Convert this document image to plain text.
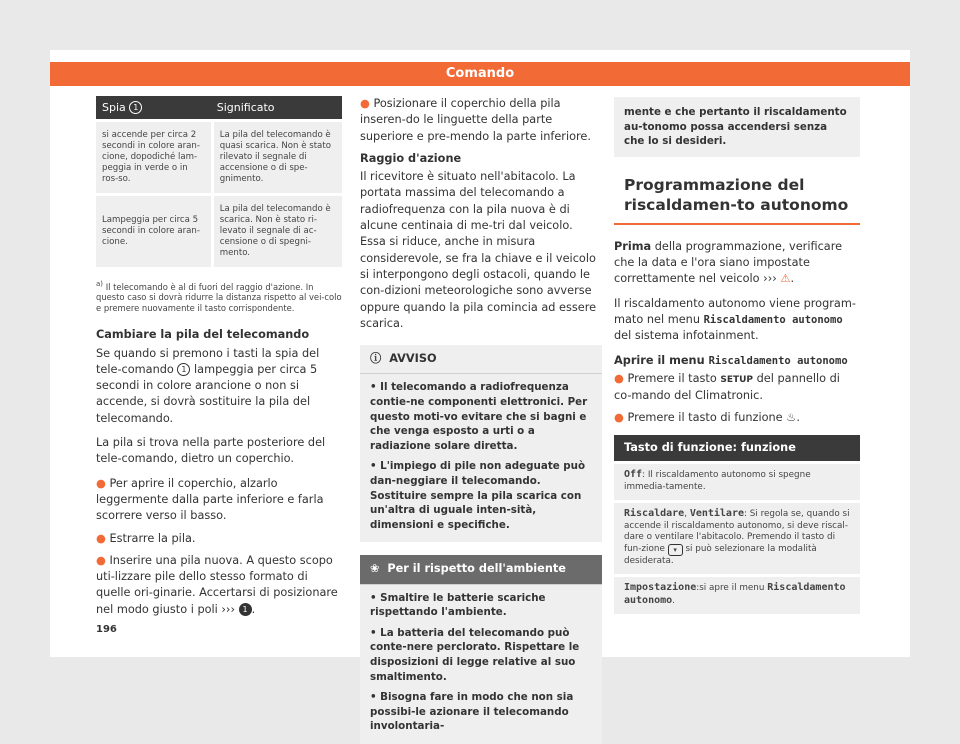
Comando
Spia 1	Significato
si accende per circa 2 secondi in colore aran-cione, dopodiché lam-peggia in verde o in ros-so.	La pila del telecomando è quasi scarica. Non è stato rilevato il segnale di accensione o di spe-gnimento.
Lampeggia per circa 5 secondi in colore aran-cione.	La pila del telecomando è scarica. Non è stato ri-levato il segnale di ac-censione o di spegni-mento.
$^{a)}$ Il telecomando è al di fuori del raggio d'azione. In questo caso si dovrà ridurre la distanza rispetto al vei-colo e premere nuovamente il tasto corrispondente.
Cambiare la pila del telecomando

Se quando si premono i tasti la spia del tele-comando 1 lampeggia per circa 5 secondi in colore arancione o non si accende, si dovrà sostituire la pila del telecomando.

La pila si trova nella parte posteriore del tele-comando, dietro un coperchio.

● Per aprire il coperchio, alzarlo leggermente dalla parte inferiore e farla scorrere verso il basso.
● Estrarre la pila.
● Inserire una pila nuova. A questo scopo uti-lizzare pile dello stesso formato di quelle ori-ginarie. Accertarsi di posizionare nel modo giusto i poli ››› 1 .
● Posizionare il coperchio della pila inseren-do le linguette della parte superiore e pre-mendo la parte inferiore.
Raggio d'azione

Il ricevitore è situato nell'abitacolo. La portata massima del telecomando a radiofrequenza con la pila nuova è di alcune centinaia di me-tri dal veicolo. Essa si riduce, anche in misura considerevole, se fra la chiave e il veicolo si interpongono degli ostacoli, quando le con-dizioni meteorologiche sono avverse oppure quando la pila comincia ad essere scarica.

ⓘ AVVISO
• Il telecomando a radiofrequenza contie-ne componenti elettronici. Per questo moti-vo evitare che si bagni e che venga esposto a urti o a radiazione solare diretta.
• L'impiego di pile non adeguate può dan-neggiare il telecomando. Sostituire sempre la pila scarica con un'altra di uguale inten-sità, dimensioni e specifiche.
❀ Per il rispetto dell'ambiente
• Smaltire le batterie scariche rispettando l'ambiente.
• La batteria del telecomando può conte-nere perclorato. Rispettare le disposizioni di legge relative al suo smaltimento.
• Bisogna fare in modo che non sia possibi-le azionare il telecomando involontaria-
mente e che pertanto il riscaldamento au-tonomo possa accendersi senza che lo si desideri.
Programmazione del riscaldamen-to autonomo

Prima della programmazione, verificare che la data e l'ora siano impostate correttamente nel veicolo ››› ⚠.

Il riscaldamento autonomo viene program-mato nel menu Riscaldamento autonomo del sistema infotainment.

Aprire il menu Riscaldamento autonomo
● Premere il tasto SETUP del pannello di co-mando del Climatronic.
● Premere il tasto di funzione ♨.
Tasto di funzione: funzione
Off: Il riscaldamento autonomo si spegne immedia-tamente.
Riscaldare, Ventilare: Si regola se, quando si accende il riscaldamento autonomo, si deve riscal-dare o ventilare l'abitacolo. Premendo il tasto di fun-zione ▾ si può selezionare la modalità desiderata.
Impostazione:si apre il menu Riscaldamento autonomo.
196
